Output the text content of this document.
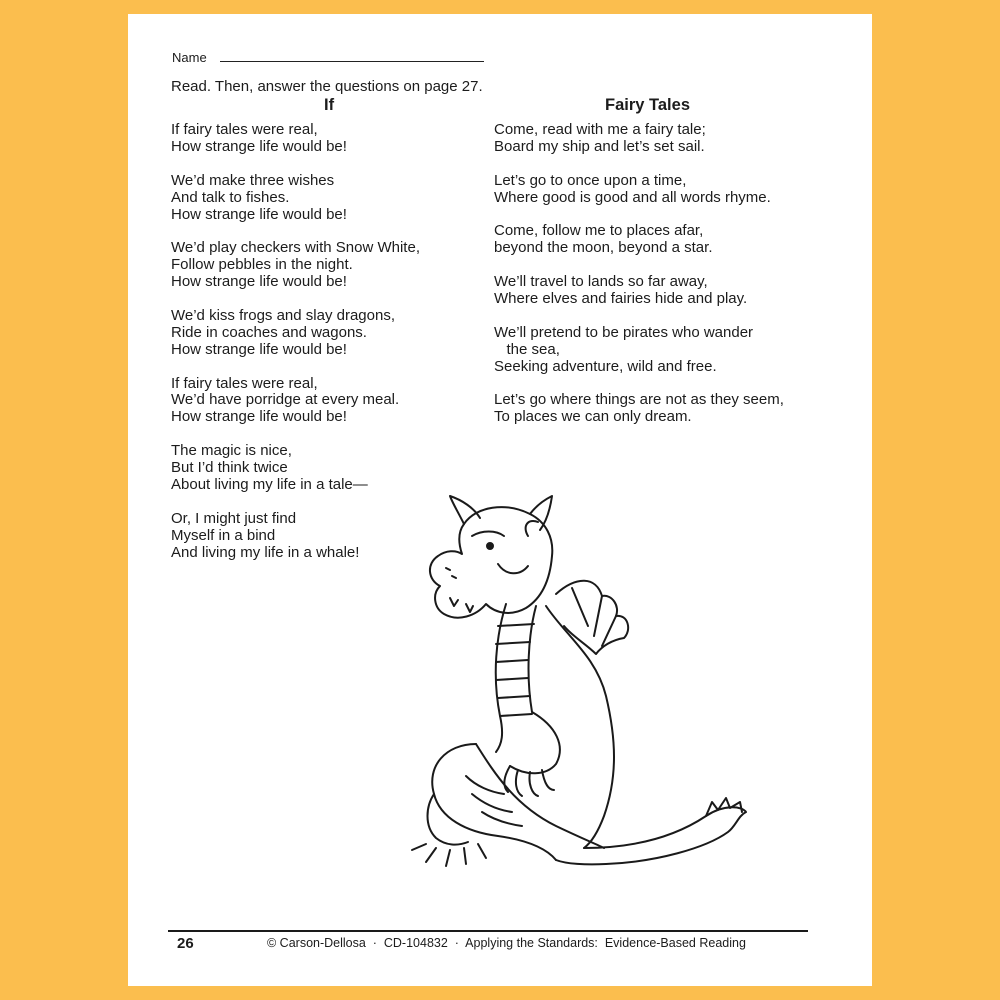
Name
Read. Then, answer the questions on page 27.
If	Fairy Tales
If fairy tales were real,
How strange life would be!
We’d make three wishes
And talk to fishes.
How strange life would be!
We’d play checkers with Snow White,
Follow pebbles in the night.
How strange life would be!
We’d kiss frogs and slay dragons,
Ride in coaches and wagons.
How strange life would be!
If fairy tales were real,
We’d have porridge at every meal.
How strange life would be!
The magic is nice,
But I’d think twice
About living my life in a tale—
Or, I might just find
Myself in a bind
And living my life in a whale!
Come, read with me a fairy tale;
Board my ship and let’s set sail.
Let’s go to once upon a time,
Where good is good and all words rhyme.
Come, follow me to places afar,
beyond the moon, beyond a star.
We’ll travel to lands so far away,
Where elves and fairies hide and play.
We’ll pretend to be pirates who wander
the sea,
Seeking adventure, wild and free.
Let’s go where things are not as they seem,
To places we can only dream.
26	© Carson-Dellosa  ·  CD-104832  ·  Applying the Standards:  Evidence-Based Reading
